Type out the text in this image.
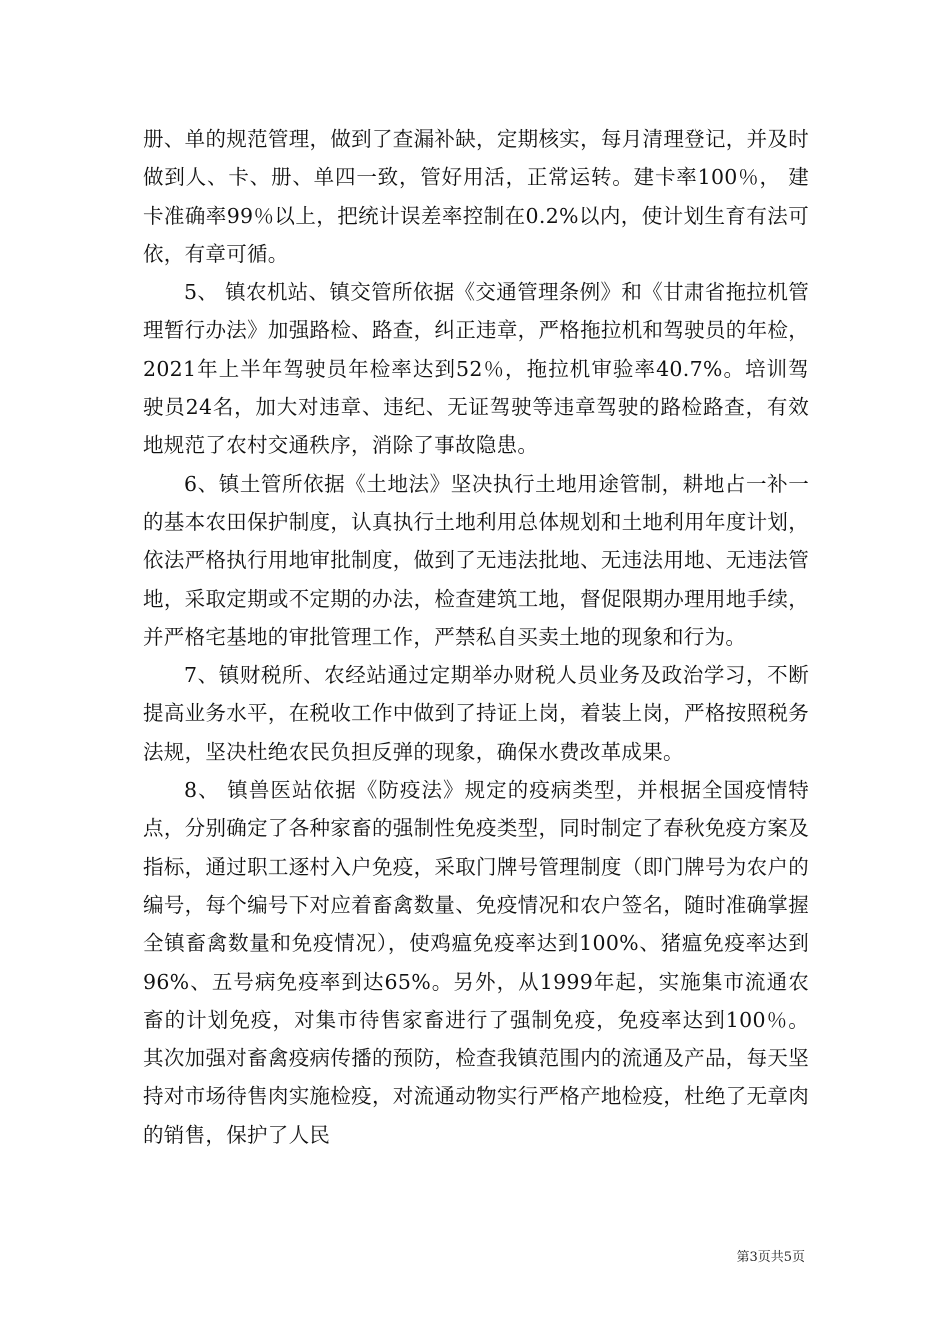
册、单的规范管理，做到了查漏补缺，定期核实，每月清理登记，并及时做到人、卡、册、单四一致，管好用活，正常运转。建卡率100％， 建卡准确率99％以上，把统计误差率控制在0.2%以内，使计划生育有法可依，有章可循。

5、 镇农机站、镇交管所依据《交通管理条例》和《甘肃省拖拉机管理暂行办法》加强路检、路查，纠正违章，严格拖拉机和驾驶员的年检，2021年上半年驾驶员年检率达到52％，拖拉机审验率40.7%。培训驾驶员24名，加大对违章、违纪、无证驾驶等违章驾驶的路检路查，有效地规范了农村交通秩序，消除了事故隐患。

6、镇土管所依据《土地法》坚决执行土地用途管制，耕地占一补一的基本农田保护制度，认真执行土地利用总体规划和土地利用年度计划，依法严格执行用地审批制度，做到了无违法批地、无违法用地、无违法管地，采取定期或不定期的办法，检查建筑工地，督促限期办理用地手续，并严格宅基地的审批管理工作，严禁私自买卖土地的现象和行为。

7、镇财税所、农经站通过定期举办财税人员业务及政治学习，不断提高业务水平，在税收工作中做到了持证上岗，着装上岗，严格按照税务法规，坚决杜绝农民负担反弹的现象，确保水费改革成果。

8、 镇兽医站依据《防疫法》规定的疫病类型，并根据全国疫情特点，分别确定了各种家畜的强制性免疫类型，同时制定了春秋免疫方案及指标，通过职工逐村入户免疫，采取门牌号管理制度（即门牌号为农户的编号，每个编号下对应着畜禽数量、免疫情况和农户签名，随时准确掌握全镇畜禽数量和免疫情况），使鸡瘟免疫率达到100%、猪瘟免疫率达到96%、五号病免疫率到达65%。另外，从1999年起，实施集市流通农畜的计划免疫，对集市待售家畜进行了强制免疫，免疫率达到100％。 其次加强对畜禽疫病传播的预防，检查我镇范围内的流通及产品，每天坚持对市场待售肉实施检疫，对流通动物实行严格产地检疫，杜绝了无章肉的销售，保护了人民

第3页共5页
